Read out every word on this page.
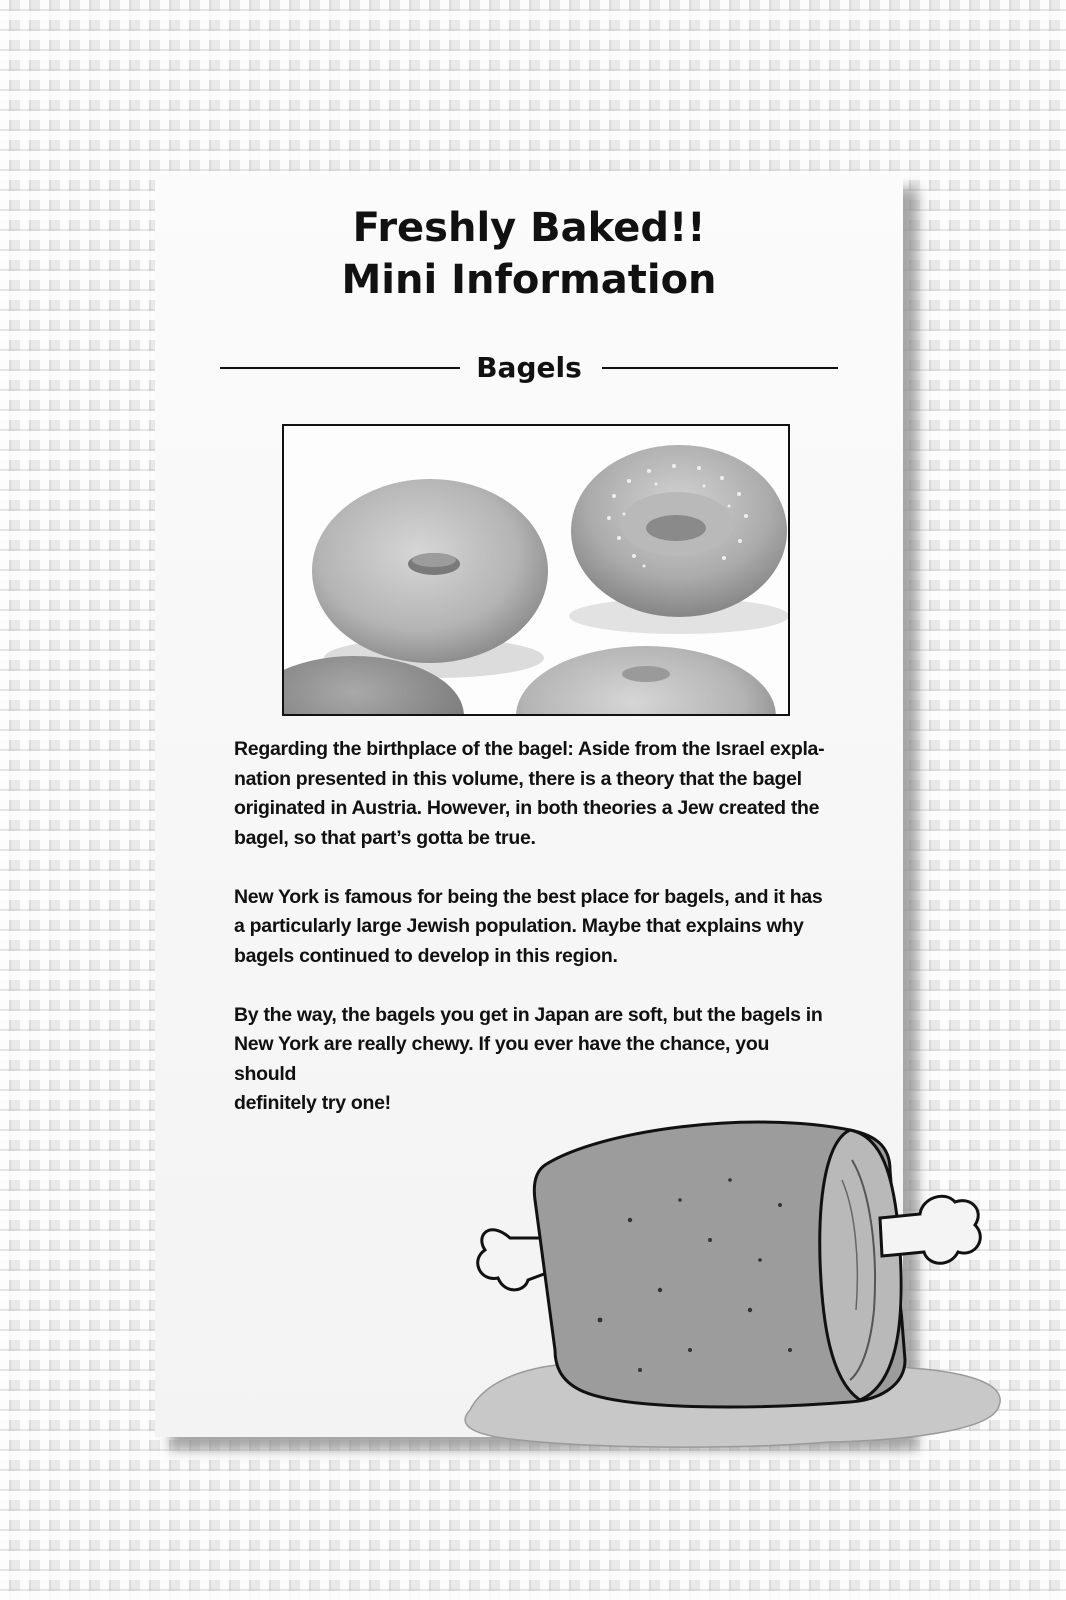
Freshly Baked!!
Mini Information
Bagels

Regarding the birthplace of the bagel: Aside from the Israel expla-
nation presented in this volume, there is a theory that the bagel
originated in Austria. However, in both theories a Jew created the
bagel, so that part’s gotta be true.

New York is famous for being the best place for bagels, and it has
a particularly large Jewish population. Maybe that explains why
bagels continued to develop in this region.

By the way, the bagels you get in Japan are soft, but the bagels in
New York are really chewy. If you ever have the chance, you should
definitely try one!
